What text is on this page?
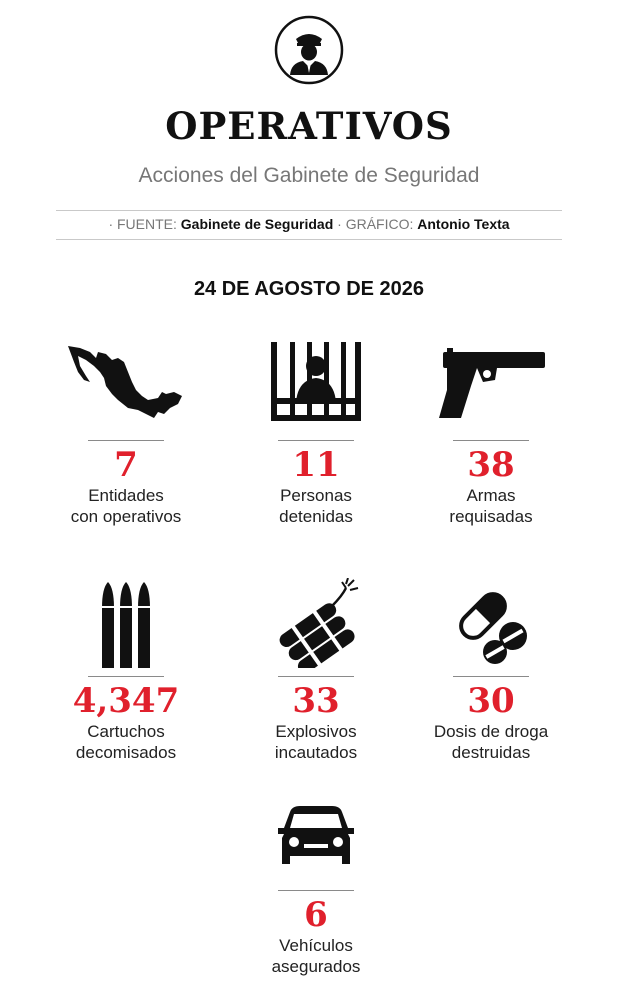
OPERATIVOS
Acciones del Gabinete de Seguridad
· FUENTE: Gabinete de Seguridad · GRÁFICO: Antonio Texta
24 DE AGOSTO DE 2026
7
Entidades
con operativos
11
Personas
detenidas
38
Armas
requisadas
4,347
Cartuchos
decomisados
33
Explosivos
incautados
30
Dosis de droga
destruidas
6
Vehículos
asegurados
